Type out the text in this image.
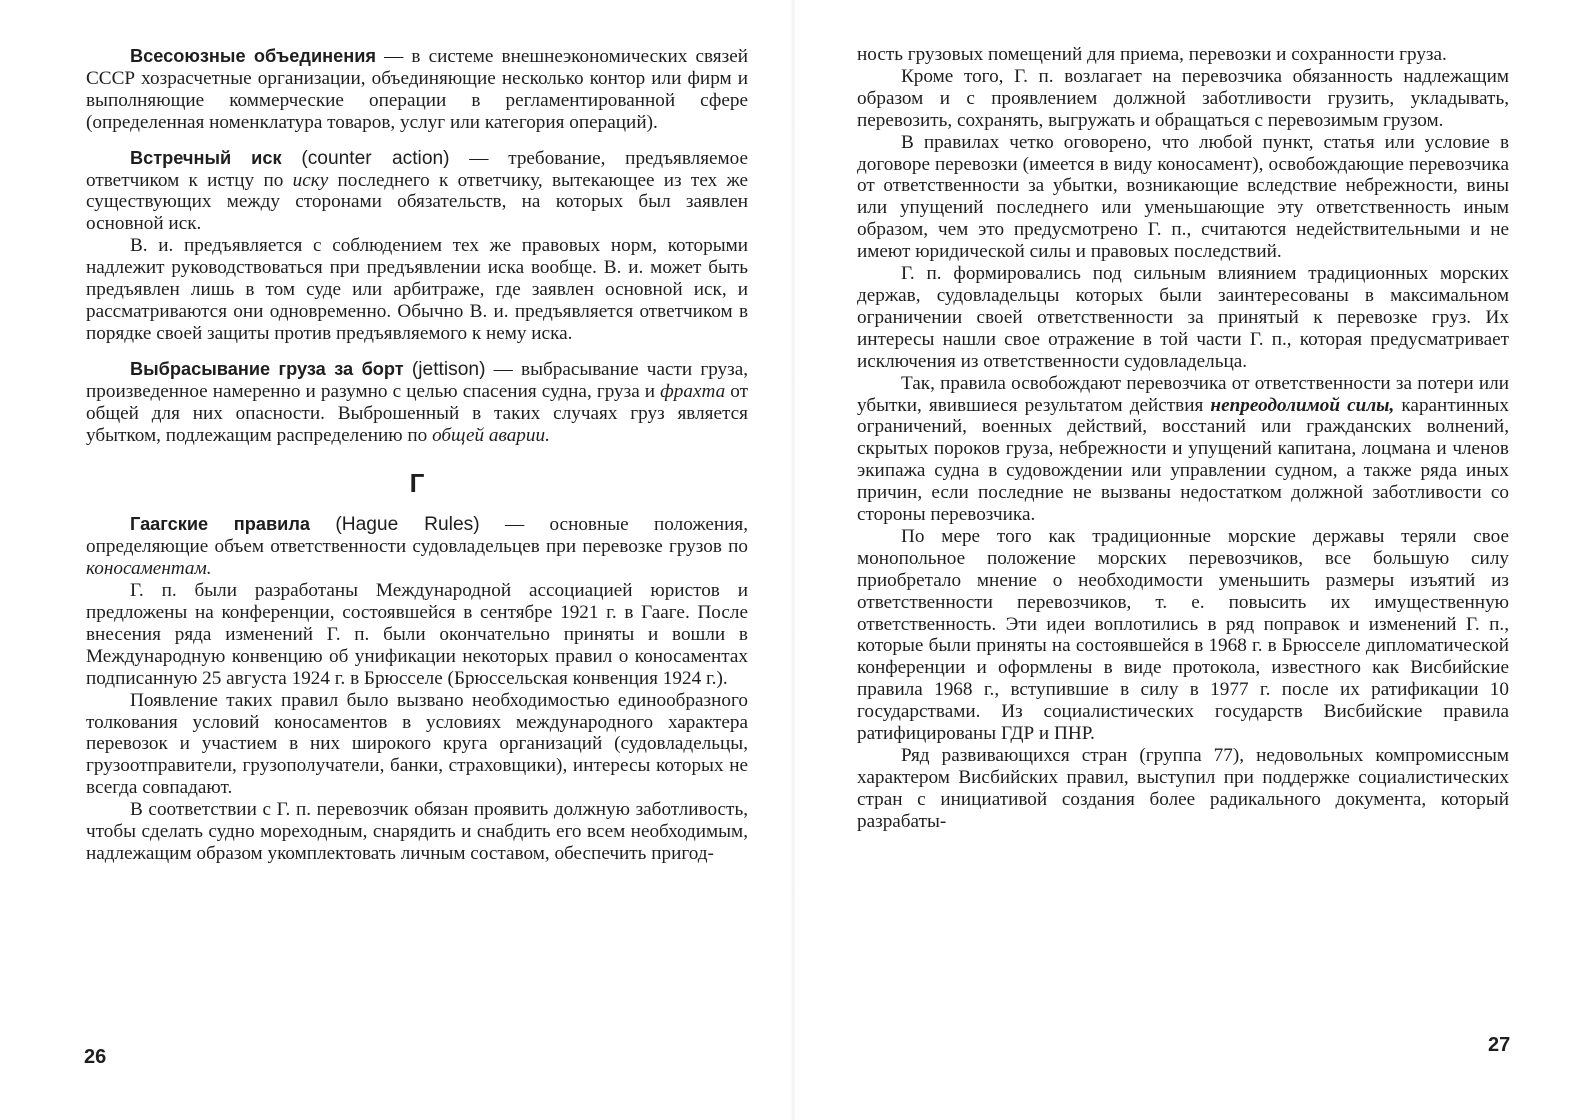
Всесоюзные объединения — в системе внешнеэкономических связей СССР хозрасчетные организации, объединяющие несколько контор или фирм и выполняющие коммерческие операции в регламентированной сфере (определенная номенклатура товаров, услуг или категория операций).

Встречный иск (counter action) — требование, предъявляемое ответчиком к истцу по иску последнего к ответчику, вытекающее из тех же существующих между сторонами обязательств, на которых был заявлен основной иск.

В. и. предъявляется с соблюдением тех же правовых норм, которыми надлежит руководствоваться при предъявлении иска вообще. В. и. может быть предъявлен лишь в том суде или арбитраже, где заявлен основной иск, и рассматриваются они одновременно. Обычно В. и. предъявляется ответчиком в порядке своей защиты против предъявляемого к нему иска.

Выбрасывание груза за борт (jettison) — выбрасывание части груза, произведенное намеренно и разумно с целью спасения судна, груза и фрахта от общей для них опасности. Выброшенный в таких случаях груз является убытком, подлежащим распределению по общей аварии.

Г

Гаагские правила (Hague Rules) — основные положения, определяющие объем ответственности судовладельцев при перевозке грузов по коносаментам.

Г. п. были разработаны Международной ассоциацией юристов и предложены на конференции, состоявшейся в сентябре 1921 г. в Гааге. После внесения ряда изменений Г. п. были окончательно приняты и вошли в Международную конвенцию об унификации некоторых правил о коносаментах подписанную 25 августа 1924 г. в Брюсселе (Брюссельская конвенция 1924 г.).

Появление таких правил было вызвано необходимостью единообразного толкования условий коносаментов в условиях международного характера перевозок и участием в них широкого круга организаций (судовладельцы, грузоотправители, грузополучатели, банки, страховщики), интересы которых не всегда совпадают.

В соответствии с Г. п. перевозчик обязан проявить должную заботливость, чтобы сделать судно мореходным, снарядить и снабдить его всем необходимым, надлежащим образом укомплектовать личным составом, обеспечить пригод-

26

ность грузовых помещений для приема, перевозки и сохранности груза.

Кроме того, Г. п. возлагает на перевозчика обязанность надлежащим образом и с проявлением должной заботливости грузить, укладывать, перевозить, сохранять, выгружать и обращаться с перевозимым грузом.

В правилах четко оговорено, что любой пункт, статья или условие в договоре перевозки (имеется в виду коносамент), освобождающие перевозчика от ответственности за убытки, возникающие вследствие небрежности, вины или упущений последнего или уменьшающие эту ответственность иным образом, чем это предусмотрено Г. п., считаются недействительными и не имеют юридической силы и правовых последствий.

Г. п. формировались под сильным влиянием традиционных морских держав, судовладельцы которых были заинтересованы в максимальном ограничении своей ответственности за принятый к перевозке груз. Их интересы нашли свое отражение в той части Г. п., которая предусматривает исключения из ответственности судовладельца.

Так, правила освобождают перевозчика от ответственности за потери или убытки, явившиеся результатом действия непреодолимой силы, карантинных ограничений, военных действий, восстаний или гражданских волнений, скрытых пороков груза, небрежности и упущений капитана, лоцмана и членов экипажа судна в судовождении или управлении судном, а также ряда иных причин, если последние не вызваны недостатком должной заботливости со стороны перевозчика.

По мере того как традиционные морские державы теряли свое монопольное положение морских перевозчиков, все большую силу приобретало мнение о необходимости уменьшить размеры изъятий из ответственности перевозчиков, т. е. повысить их имущественную ответственность. Эти идеи воплотились в ряд поправок и изменений Г. п., которые были приняты на состоявшейся в 1968 г. в Брюсселе дипломатической конференции и оформлены в виде протокола, известного как Висбийские правила 1968 г., вступившие в силу в 1977 г. после их ратификации 10 государствами. Из социалистических государств Висбийские правила ратифицированы ГДР и ПНР.

Ряд развивающихся стран (группа 77), недовольных компромиссным характером Висбийских правил, выступил при поддержке социалистических стран с инициативой создания более радикального документа, который разрабаты-

27
